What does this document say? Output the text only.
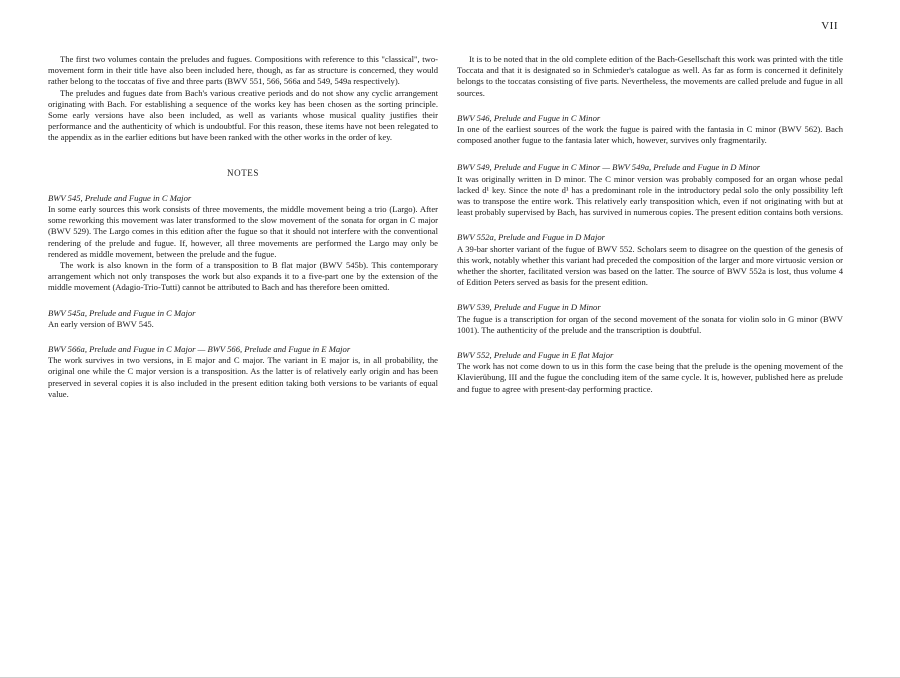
VII

The first two volumes contain the preludes and fugues. Compositions with reference to this "classical", two-movement form in their title have also been included here, though, as far as structure is concerned, they would rather belong to the toccatas of five and three parts (BWV 551, 566, 566a and 549, 549a respectively).

The preludes and fugues date from Bach's various creative periods and do not show any cyclic arrangement originating with Bach. For establishing a sequence of the works key has been chosen as the sorting principle. Some early versions have also been included, as well as variants whose musical quality justifies their performance and the authenticity of which is undoubtful. For this reason, these items have not been relegated to the appendix as in the earlier editions but have been ranked with the other works in the order of key.

NOTES

BWV 545, Prelude and Fugue in C Major

In some early sources this work consists of three movements, the middle movement being a trio (Largo). After some reworking this movement was later transformed to the slow movement of the sonata for organ in C major (BWV 529). The Largo comes in this edition after the fugue so that it should not interfere with the conventional rendering of the prelude and fugue. If, however, all three movements are performed the Largo may only be rendered as middle movement, between the prelude and the fugue.

The work is also known in the form of a transposition to B flat major (BWV 545b). This contemporary arrangement which not only transposes the work but also expands it to a five-part one by the extension of the middle movement (Adagio-Trio-Tutti) cannot be attributed to Bach and has therefore been omitted.

BWV 545a, Prelude and Fugue in C Major

An early version of BWV 545.

BWV 566a, Prelude and Fugue in C Major — BWV 566, Prelude and Fugue in E Major

The work survives in two versions, in E major and C major. The variant in E major is, in all probability, the original one while the C major version is a transposition. As the latter is of relatively early origin and has been preserved in several copies it is also included in the present edition taking both versions to be variants of equal value.

It is to be noted that in the old complete edition of the Bach-Gesellschaft this work was printed with the title Toccata and that it is designated so in Schmieder's catalogue as well. As far as form is concerned it definitely belongs to the toccatas consisting of five parts. Nevertheless, the movements are called prelude and fugue in all sources.

BWV 546, Prelude and Fugue in C Minor

In one of the earliest sources of the work the fugue is paired with the fantasia in C minor (BWV 562). Bach composed another fugue to the fantasia later which, however, survives only fragmentarily.

BWV 549, Prelude and Fugue in C Minor — BWV 549a, Prelude and Fugue in D Minor

It was originally written in D minor. The C minor version was probably composed for an organ whose pedal lacked d¹ key. Since the note d¹ has a predominant role in the introductory pedal solo the only possibility left was to transpose the entire work. This relatively early transposition which, even if not originating with but at least probably supervised by Bach, has survived in numerous copies. The present edition contains both versions.

BWV 552a, Prelude and Fugue in D Major

A 39-bar shorter variant of the fugue of BWV 552. Scholars seem to disagree on the question of the genesis of this work, notably whether this variant had preceded the composition of the larger and more virtuosic version or whether the shorter, facilitated version was based on the latter. The source of BWV 552a is lost, thus volume 4 of Edition Peters served as basis for the present edition.

BWV 539, Prelude and Fugue in D Minor

The fugue is a transcription for organ of the second movement of the sonata for violin solo in G minor (BWV 1001). The authenticity of the prelude and the transcription is doubtful.

BWV 552, Prelude and Fugue in E flat Major

The work has not come down to us in this form the case being that the prelude is the opening movement of the Klavierübung, III and the fugue the concluding item of the same cycle. It is, however, published here as prelude and fugue to agree with present-day performing practice.
